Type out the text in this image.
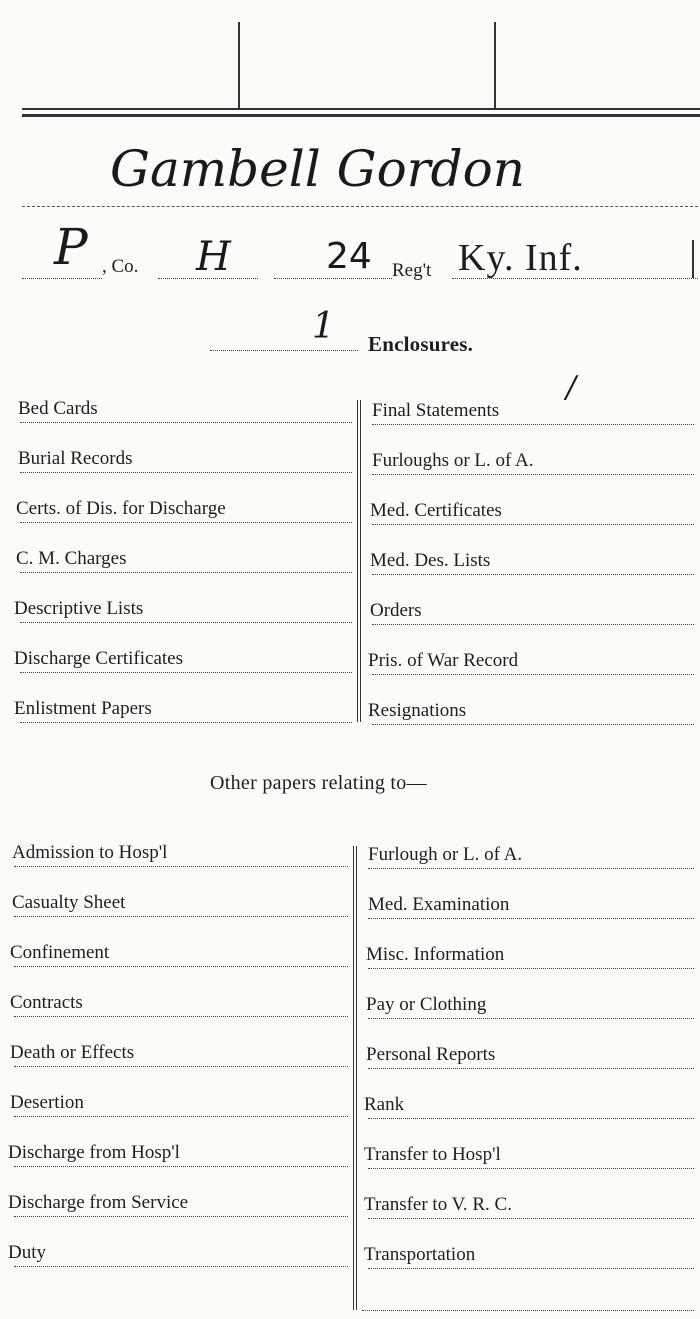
Gambell Gordon
P , Co. H	24 Reg't Ky. Inf.
1 Enclosures.
Bed Cards
Burial Records
Certs. of Dis. for Discharge
C. M. Charges
Descriptive Lists
Discharge Certificates
Enlistment Papers
Final Statements
Furloughs or L. of A.
Med. Certificates
Med. Des. Lists
Orders
Pris. of War Record
Resignations
/
Other papers relating to—
Admission to Hosp'l
Casualty Sheet
Confinement
Contracts
Death or Effects
Desertion
Discharge from Hosp'l
Discharge from Service
Duty
Furlough or L. of A.
Med. Examination
Misc. Information
Pay or Clothing
Personal Reports
Rank
Transfer to Hosp'l
Transfer to V. R. C.
Transportation
